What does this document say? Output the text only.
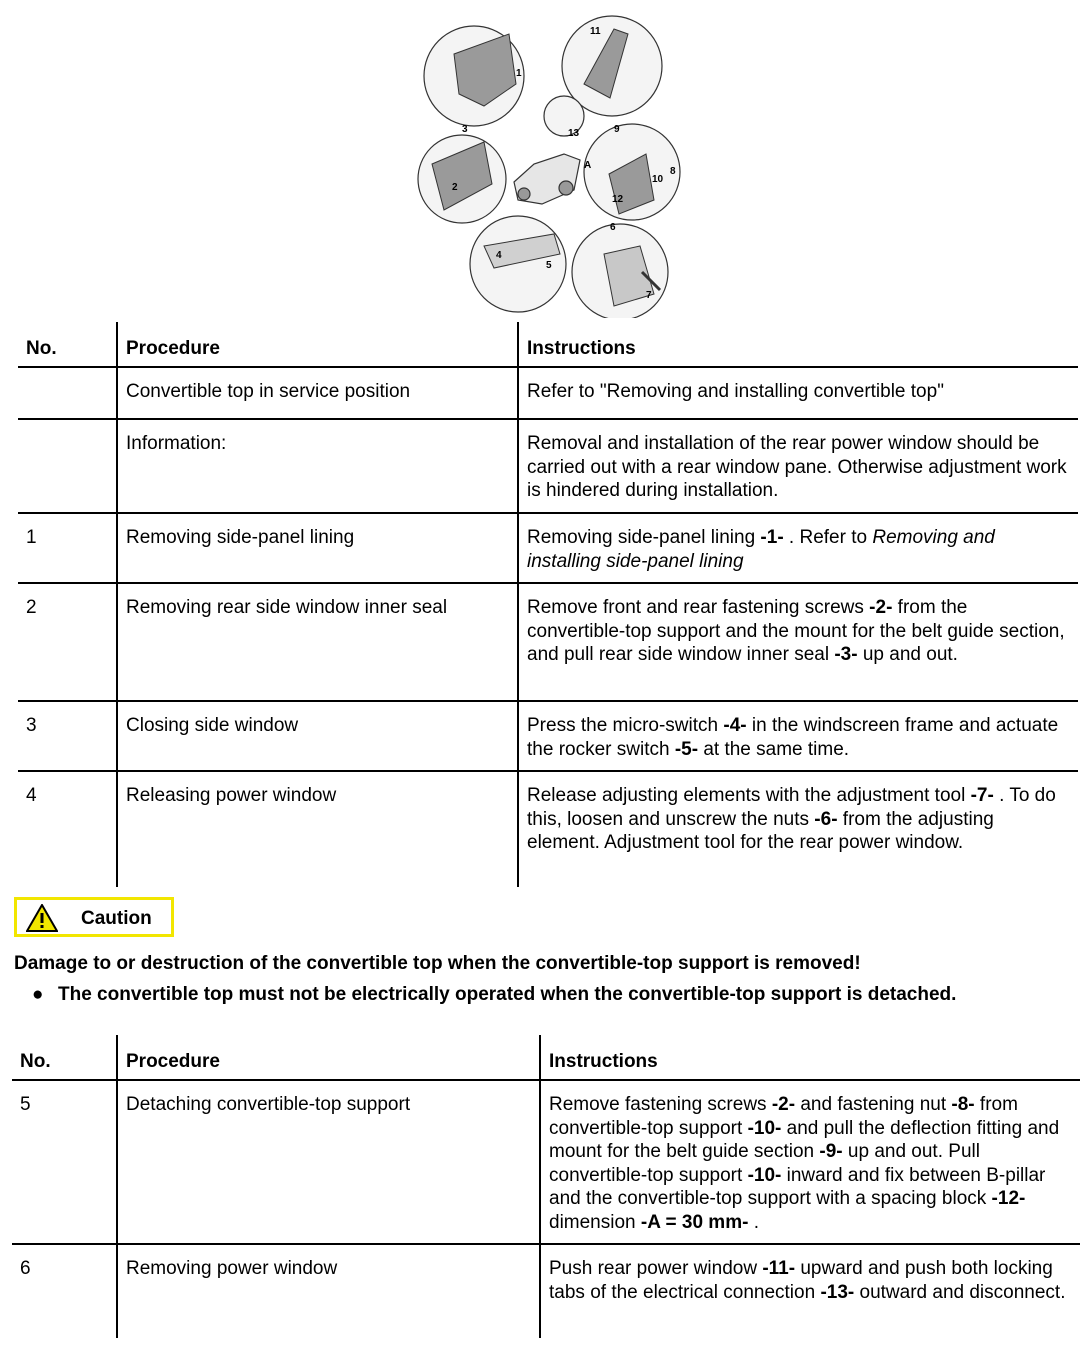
1
2
3
4
5
6
7
8
9
10
11
12
13
A
No.	Procedure	Instructions
	Convertible top in service position	Refer to "Removing and installing convertible top"
	Information:	Removal and installation of the rear power window should be carried out with a rear window pane. Otherwise adjustment work is hindered during installation.
1	Removing side-panel lining	Removing side-panel lining -1- . Refer to Removing and installing side-panel lining
2	Removing rear side window inner seal	Remove front and rear fastening screws -2- from the convertible-top support and the mount for the belt guide section, and pull rear side window inner seal -3- up and out.
3	Closing side window	Press the micro-switch -4- in the windscreen frame and actuate the rocker switch -5- at the same time.
4	Releasing power window	Release adjusting elements with the adjustment tool -7- . To do this, loosen and unscrew the nuts -6- from the adjusting element. Adjustment tool for the rear power window.
Caution
Damage to or destruction of the convertible top when the convertible-top support is removed!
● The convertible top must not be electrically operated when the convertible-top support is detached.
No.	Procedure	Instructions
5	Detaching convertible-top support	Remove fastening screws -2- and fastening nut -8- from convertible-top support -10- and pull the deflection fitting and mount for the belt guide section -9- up and out. Pull convertible-top support -10- inward and fix between B-pillar and the convertible-top support with a spacing block -12- dimension -A = 30 mm- .
6	Removing power window	Push rear power window -11- upward and push both locking tabs of the electrical connection -13- outward and disconnect.
